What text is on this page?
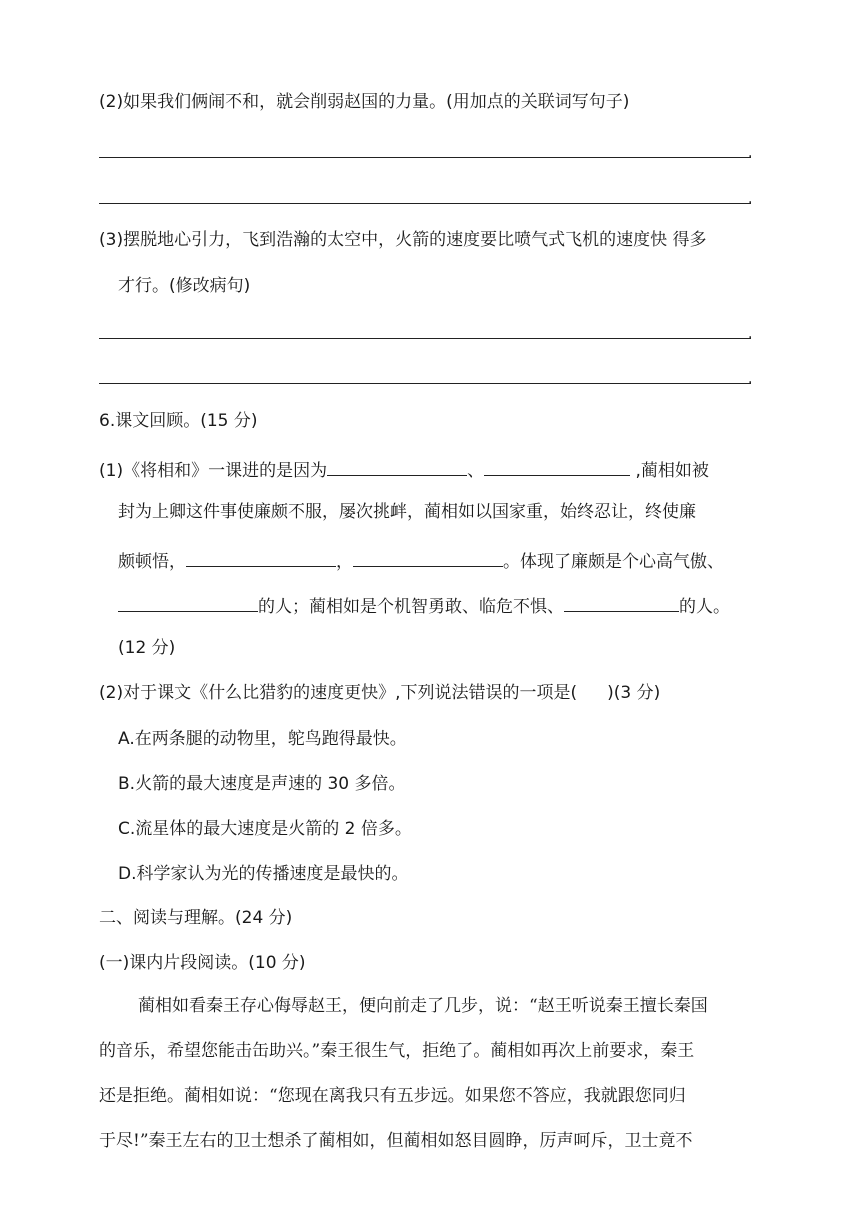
(2)如果我们俩闹不和，就会削弱赵国的力量。(用加点的关联词写句子)
.
.
(3)摆脱地心引力，飞到浩瀚的太空中，火箭的速度要比喷气式飞机的速度快 得多
才行。(修改病句)
.
.
6.课文回顾。(15 分)
(1)《将相和》一课进的是因为	、	,蔺相如被
封为上卿这件事使廉颇不服，屡次挑衅，蔺相如以国家重，始终忍让，终使廉
颇顿悟，	，	。体现了廉颇是个心高气傲、
的人；蔺相如是个机智勇敢、临危不惧、	的人。
(12 分)
(2)对于课文《什么比猎豹的速度更快》,下列说法错误的一项是( )(3 分)
A.在两条腿的动物里，鸵鸟跑得最快。
B.火箭的最大速度是声速的 30 多倍。
C.流星体的最大速度是火箭的 2 倍多。
D.科学家认为光的传播速度是最快的。
二、阅读与理解。(24 分)
(一)课内片段阅读。(10 分)
蔺相如看秦王存心侮辱赵王，便向前走了几步，说：“赵王听说秦王擅长秦国
的音乐，希望您能击缶助兴。”秦王很生气，拒绝了。蔺相如再次上前要求，秦王
还是拒绝。蔺相如说：“您现在离我只有五步远。如果您不答应，我就跟您同归
于尽!”秦王左右的卫士想杀了蔺相如，但蔺相如怒目圆睁，厉声呵斥，卫士竟不
